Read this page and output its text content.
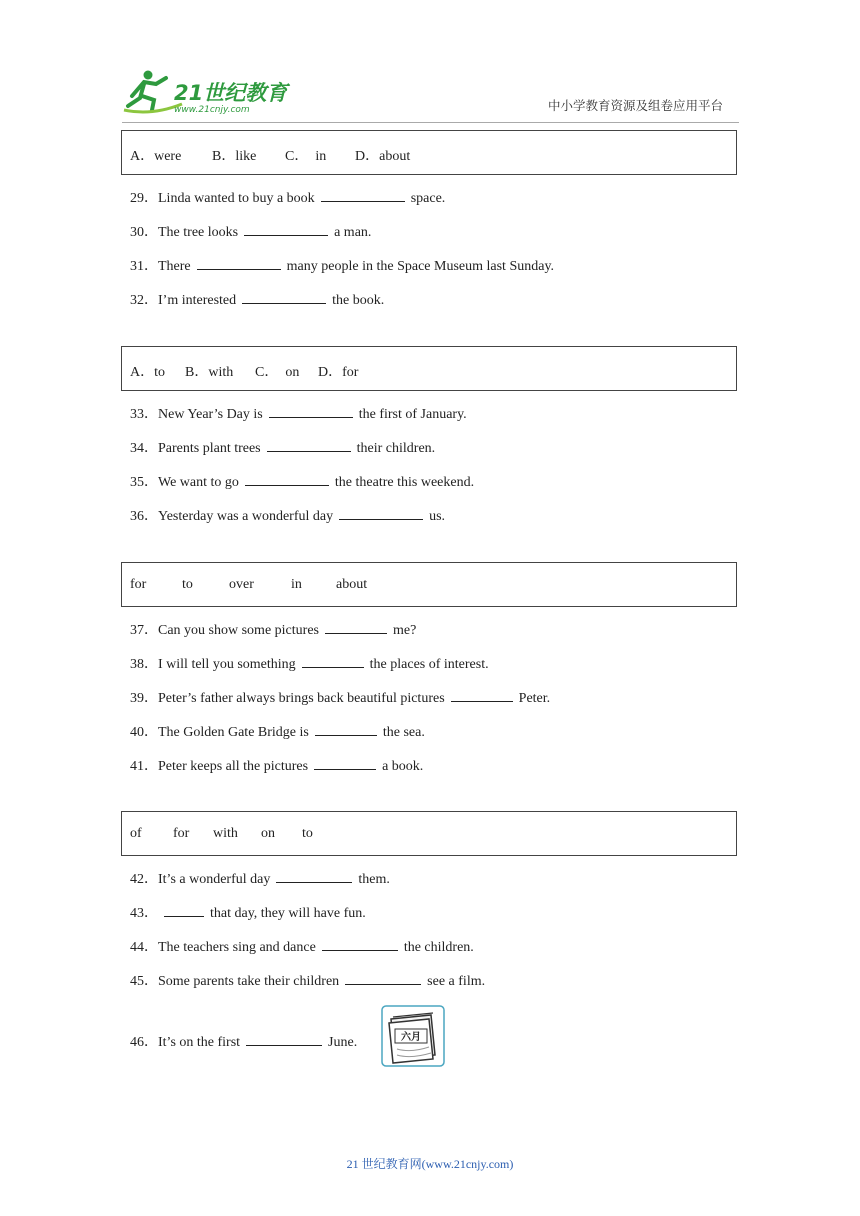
21世纪教育
www.21cnjy.com	中小学教育资源及组卷应用平台
A．were B．like C．  in D．about
29．Linda wanted to buy a book	space.
30．The tree looks	a man.
31．There	many people in the Space Museum last Sunday.
32．I’m interested	the book.
A．to B．with C．  on D．for
33．New Year’s Day is	the first of January.
34．Parents plant trees	their children.
35．We want to go	the theatre this weekend.
36．Yesterday was a wonderful day	us.
for	to	over	in about
37．Can you show some pictures	me?
38．I will tell you something	the places of interest.
39．Peter’s father always brings back beautiful pictures	Peter.
40．The Golden Gate Bridge is	the sea.
41．Peter keeps all the pictures	a book.
of for with on to
42．It’s a wonderful day	them.
43．	that day, they will have fun.
44．The teachers sing and dance	the children.
45．Some parents take their children	see a film.
46．It’s on the first	June.	六月
21 世纪教育网(www.21cnjy.com)
